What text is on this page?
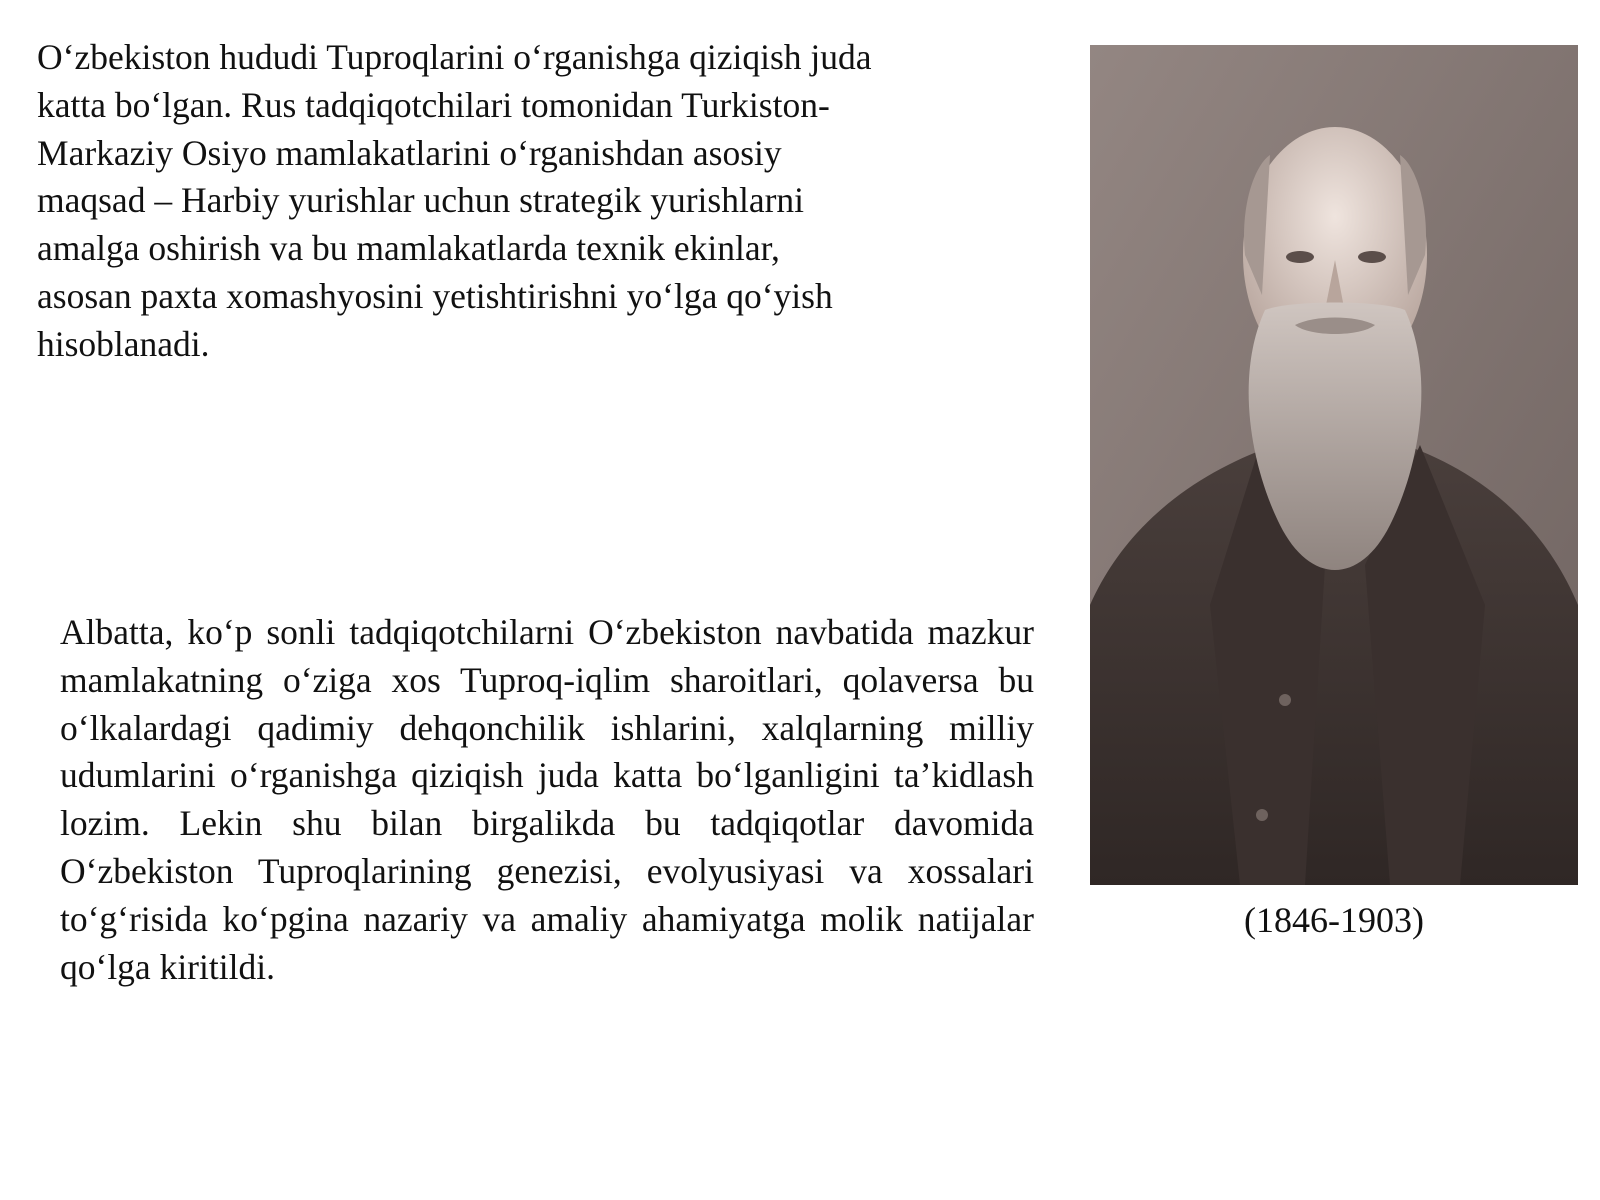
O‘zbekiston hududi Tuproqlarini o‘rganishga qiziqish juda
katta bo‘lgan. Rus tadqiqotchilari tomonidan Turkiston-
Markaziy Osiyo mamlakatlarini o‘rganishdan asosiy
maqsad – Harbiy yurishlar uchun strategik yurishlarni
amalga oshirish va bu mamlakatlarda texnik ekinlar,
asosan paxta xomashyosini yetishtirishni yo‘lga qo‘yish
hisoblanadi.

(1846-1903)

Albatta, ko‘p sonli tadqiqotchilarni O‘zbekiston navbatida mazkur mamlakatning o‘ziga xos Tuproq-iqlim sharoitlari, qolaversa bu o‘lkalardagi qadimiy dehqonchilik ishlarini, xalqlarning milliy udumlarini o‘rganishga qiziqish juda katta bo‘lganligini ta’kidlash lozim. Lekin shu bilan birgalikda bu tadqiqotlar davomida O‘zbekiston Tuproqlarining genezisi, evolyusiyasi va xossalari to‘g‘risida ko‘pgina nazariy va amaliy ahamiyatga molik natijalar qo‘lga kiritildi.
